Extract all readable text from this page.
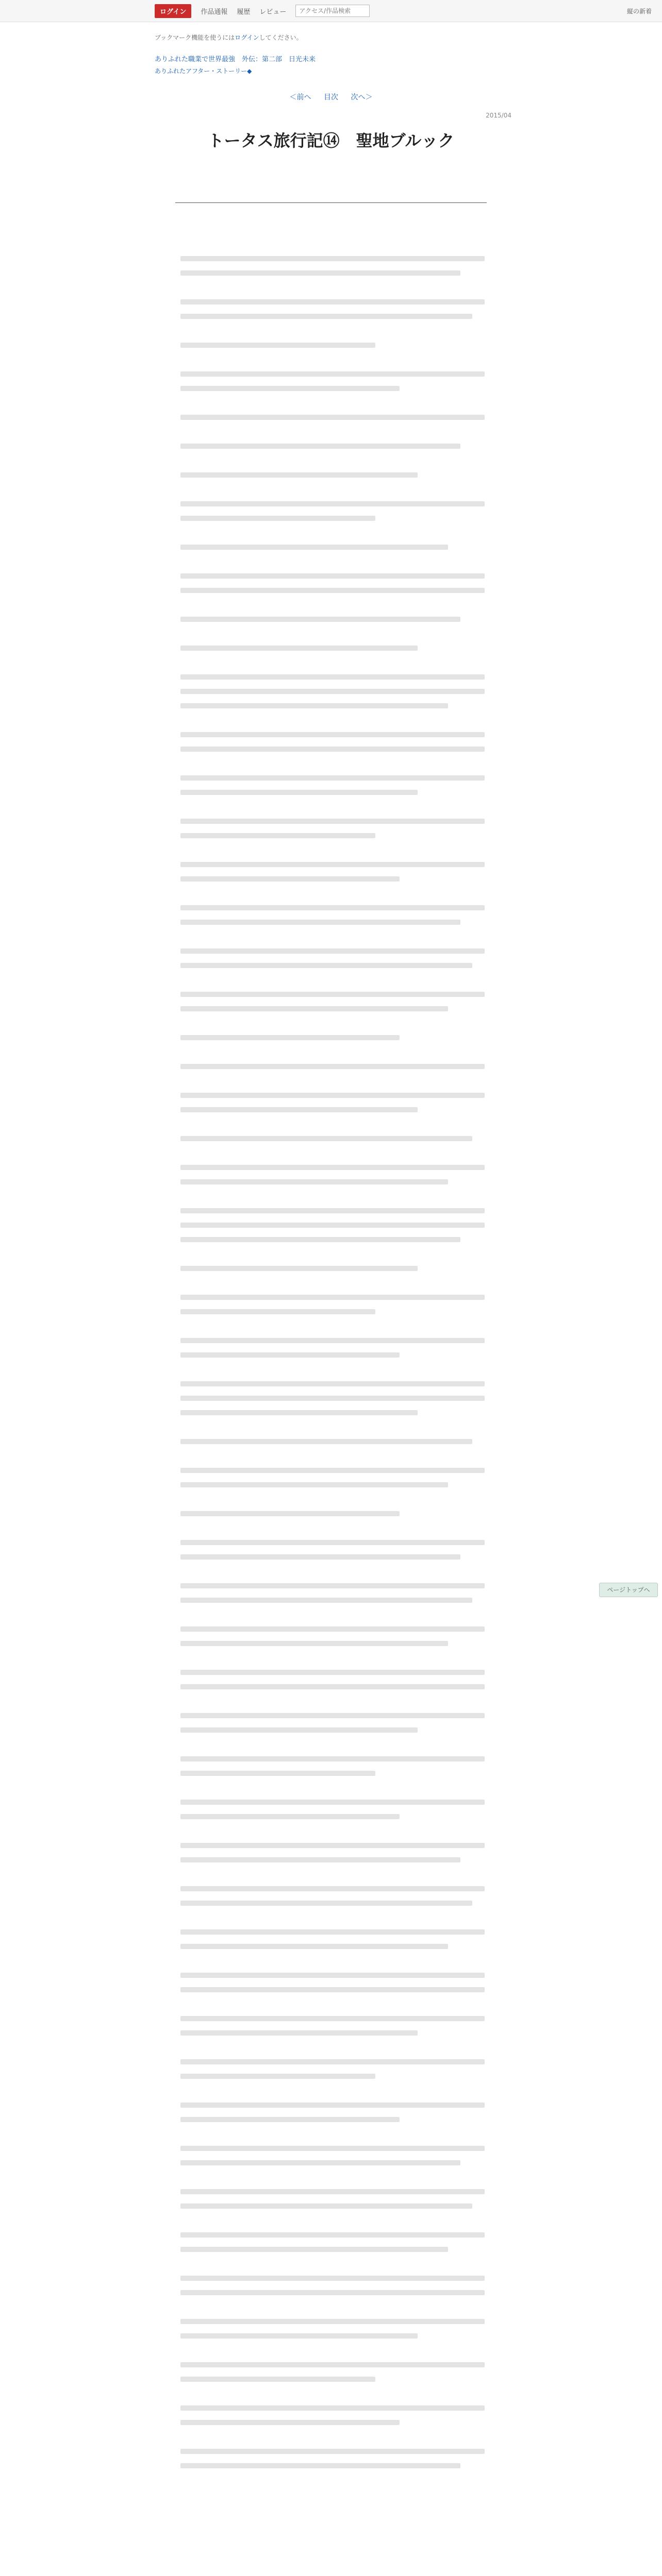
ログイン	作品通報 履歴 レビュー
アクセス/作品検索	縦の新着
ブックマーク機能を使うにはログインしてください。
ありふれた職業で世界最強　外伝：第二部　日光未来
ありふれたアフター・ストーリー◆
＜前へ 目次 次へ＞
2015/04
トータス旅行記⑭　聖地ブルック
ページトップへ
